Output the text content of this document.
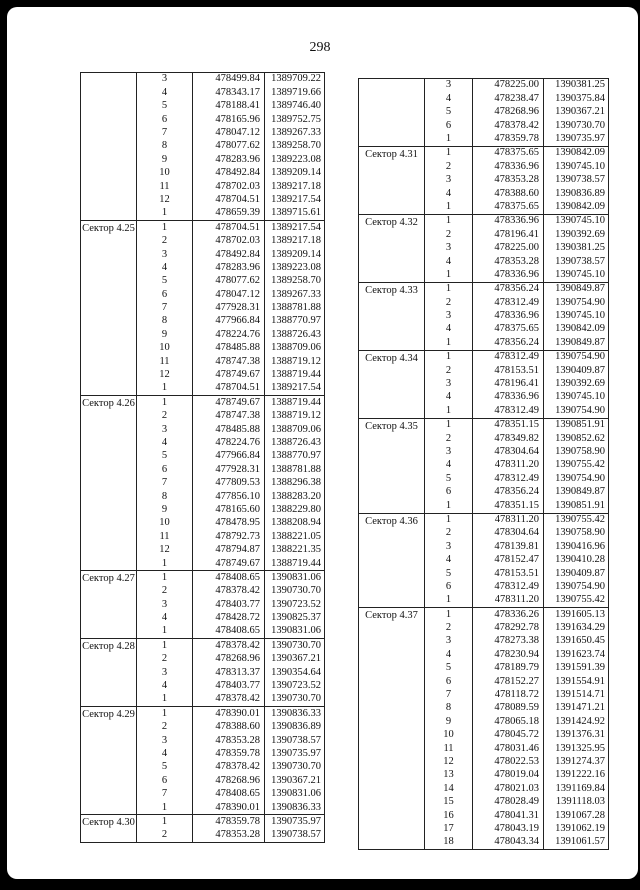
298
	3	478499.84	1389709.22
	4	478343.17	1389719.66
	5	478188.41	1389746.40
	6	478165.96	1389752.75
	7	478047.12	1389267.33
	8	478077.62	1389258.70
	9	478283.96	1389223.08
	10	478492.84	1389209.14
	11	478702.03	1389217.18
	12	478704.51	1389217.54
	1	478659.39	1389715.61
Сектор 4.25	1	478704.51	1389217.54
	2	478702.03	1389217.18
	3	478492.84	1389209.14
	4	478283.96	1389223.08
	5	478077.62	1389258.70
	6	478047.12	1389267.33
	7	477928.31	1388781.88
	8	477966.84	1388770.97
	9	478224.76	1388726.43
	10	478485.88	1388709.06
	11	478747.38	1388719.12
	12	478749.67	1388719.44
	1	478704.51	1389217.54
Сектор 4.26	1	478749.67	1388719.44
	2	478747.38	1388719.12
	3	478485.88	1388709.06
	4	478224.76	1388726.43
	5	477966.84	1388770.97
	6	477928.31	1388781.88
	7	477809.53	1388296.38
	8	477856.10	1388283.20
	9	478165.60	1388229.80
	10	478478.95	1388208.94
	11	478792.73	1388221.05
	12	478794.87	1388221.35
	1	478749.67	1388719.44
Сектор 4.27	1	478408.65	1390831.06
	2	478378.42	1390730.70
	3	478403.77	1390723.52
	4	478428.72	1390825.37
	1	478408.65	1390831.06
Сектор 4.28	1	478378.42	1390730.70
	2	478268.96	1390367.21
	3	478313.37	1390354.64
	4	478403.77	1390723.52
	1	478378.42	1390730.70
Сектор 4.29	1	478390.01	1390836.33
	2	478388.60	1390836.89
	3	478353.28	1390738.57
	4	478359.78	1390735.97
	5	478378.42	1390730.70
	6	478268.96	1390367.21
	7	478408.65	1390831.06
	1	478390.01	1390836.33
Сектор 4.30	1	478359.78	1390735.97
	2	478353.28	1390738.57
	3	478225.00	1390381.25
	4	478238.47	1390375.84
	5	478268.96	1390367.21
	6	478378.42	1390730.70
	1	478359.78	1390735.97
Сектор 4.31	1	478375.65	1390842.09
	2	478336.96	1390745.10
	3	478353.28	1390738.57
	4	478388.60	1390836.89
	1	478375.65	1390842.09
Сектор 4.32	1	478336.96	1390745.10
	2	478196.41	1390392.69
	3	478225.00	1390381.25
	4	478353.28	1390738.57
	1	478336.96	1390745.10
Сектор 4.33	1	478356.24	1390849.87
	2	478312.49	1390754.90
	3	478336.96	1390745.10
	4	478375.65	1390842.09
	1	478356.24	1390849.87
Сектор 4.34	1	478312.49	1390754.90
	2	478153.51	1390409.87
	3	478196.41	1390392.69
	4	478336.96	1390745.10
	1	478312.49	1390754.90
Сектор 4.35	1	478351.15	1390851.91
	2	478349.82	1390852.62
	3	478304.64	1390758.90
	4	478311.20	1390755.42
	5	478312.49	1390754.90
	6	478356.24	1390849.87
	1	478351.15	1390851.91
Сектор 4.36	1	478311.20	1390755.42
	2	478304.64	1390758.90
	3	478139.81	1390416.96
	4	478152.47	1390410.28
	5	478153.51	1390409.87
	6	478312.49	1390754.90
	1	478311.20	1390755.42
Сектор 4.37	1	478336.26	1391605.13
	2	478292.78	1391634.29
	3	478273.38	1391650.45
	4	478230.94	1391623.74
	5	478189.79	1391591.39
	6	478152.27	1391554.91
	7	478118.72	1391514.71
	8	478089.59	1391471.21
	9	478065.18	1391424.92
	10	478045.72	1391376.31
	11	478031.46	1391325.95
	12	478022.53	1391274.37
	13	478019.04	1391222.16
	14	478021.03	1391169.84
	15	478028.49	1391118.03
	16	478041.31	1391067.28
	17	478043.19	1391062.19
	18	478043.34	1391061.57
